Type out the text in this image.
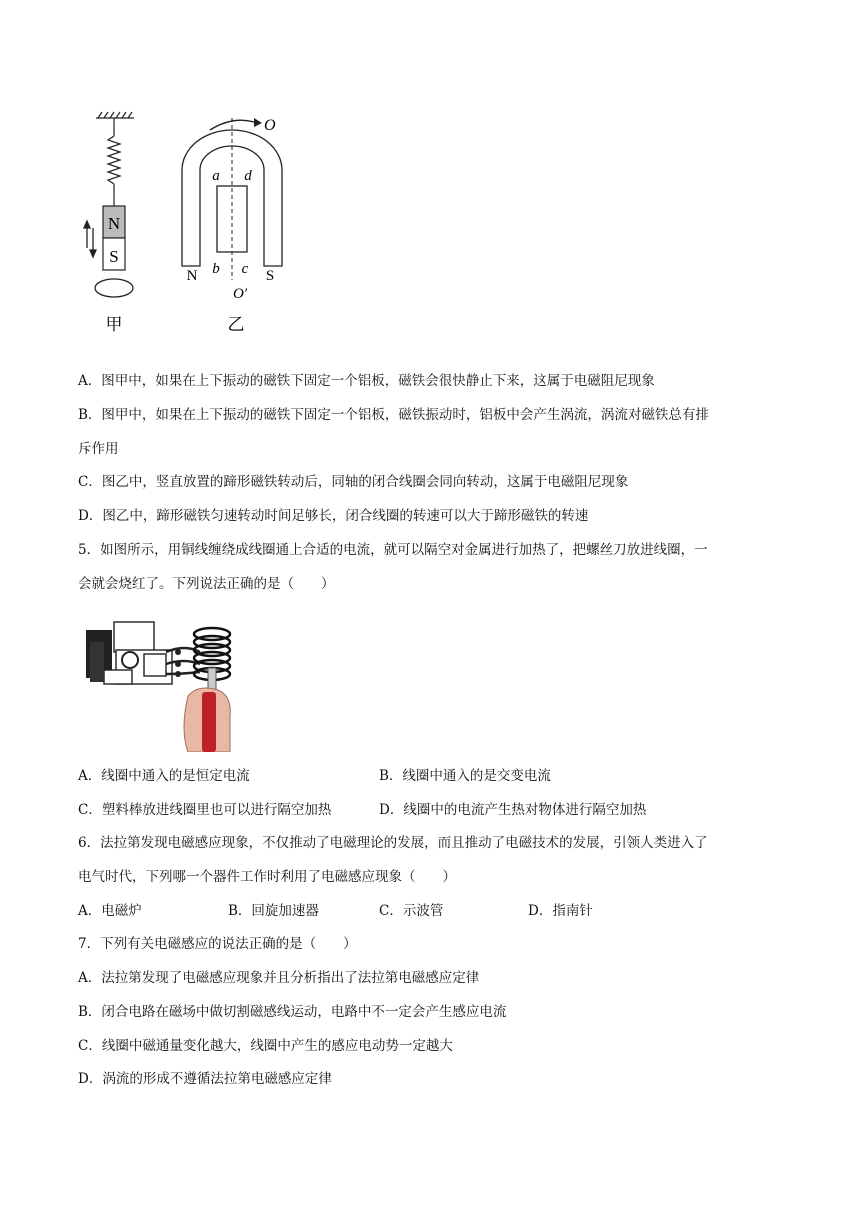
N
S
甲
O
a d
b c
N	S
O′
乙
A．图甲中，如果在上下振动的磁铁下固定一个铝板，磁铁会很快静止下来，这属于电磁阻尼现象
B．图甲中，如果在上下振动的磁铁下固定一个铝板，磁铁振动时，铝板中会产生涡流，涡流对磁铁总有排
斥作用
C．图乙中，竖直放置的蹄形磁铁转动后，同轴的闭合线圈会同向转动，这属于电磁阻尼现象
D．图乙中，蹄形磁铁匀速转动时间足够长，闭合线圈的转速可以大于蹄形磁铁的转速
5．如图所示，用铜线缠绕成线圈通上合适的电流，就可以隔空对金属进行加热了，把螺丝刀放进线圈，一
会就会烧红了。下列说法正确的是（　　）
A．线圈中通入的是恒定电流	B．线圈中通入的是交变电流
C．塑料棒放进线圈里也可以进行隔空加热	D．线圈中的电流产生热对物体进行隔空加热
6．法拉第发现电磁感应现象，不仅推动了电磁理论的发展，而且推动了电磁技术的发展，引领人类进入了
电气时代，下列哪一个器件工作时利用了电磁感应现象（　　）
A．电磁炉	B．回旋加速器	C．示波管	D．指南针
7．下列有关电磁感应的说法正确的是（　　）
A．法拉第发现了电磁感应现象并且分析指出了法拉第电磁感应定律
B．闭合电路在磁场中做切割磁感线运动，电路中不一定会产生感应电流
C．线圈中磁通量变化越大，线圈中产生的感应电动势一定越大
D．涡流的形成不遵循法拉第电磁感应定律
